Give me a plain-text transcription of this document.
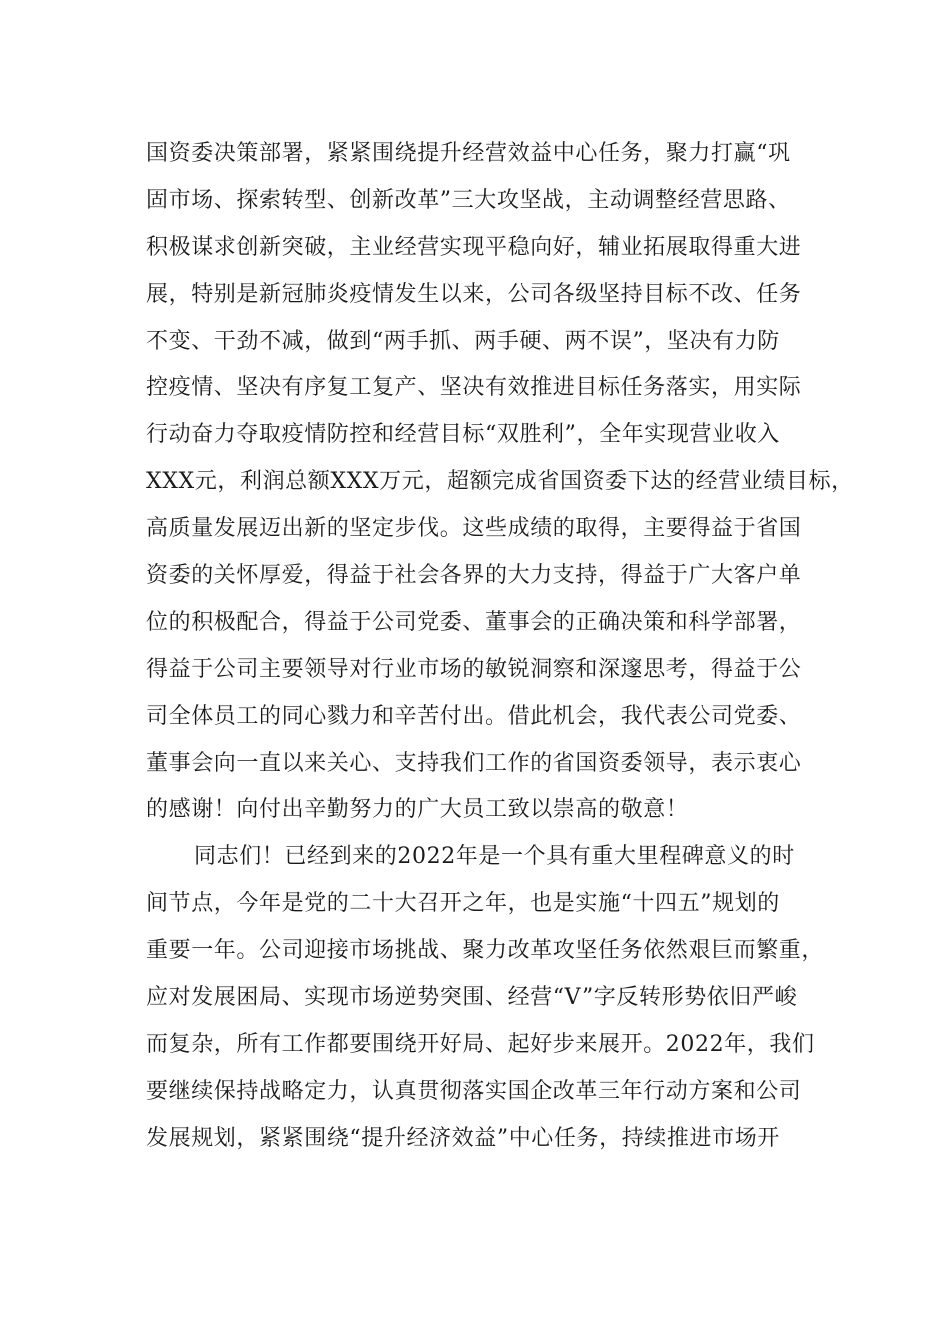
国资委决策部署，紧紧围绕提升经营效益中心任务，聚力打赢“巩
固市场、探索转型、创新改革”三大攻坚战，主动调整经营思路、
积极谋求创新突破，主业经营实现平稳向好，辅业拓展取得重大进
展，特别是新冠肺炎疫情发生以来，公司各级坚持目标不改、任务
不变、干劲不减，做到“两手抓、两手硬、两不误”，坚决有力防
控疫情、坚决有序复工复产、坚决有效推进目标任务落实，用实际
行动奋力夺取疫情防控和经营目标“双胜利”，全年实现营业收入
XXX元，利润总额XXX万元，超额完成省国资委下达的经营业绩目标，
高质量发展迈出新的坚定步伐。这些成绩的取得，主要得益于省国
资委的关怀厚爱，得益于社会各界的大力支持，得益于广大客户单
位的积极配合，得益于公司党委、董事会的正确决策和科学部署，
得益于公司主要领导对行业市场的敏锐洞察和深邃思考，得益于公
司全体员工的同心戮力和辛苦付出。借此机会，我代表公司党委、
董事会向一直以来关心、支持我们工作的省国资委领导，表示衷心
的感谢！向付出辛勤努力的广大员工致以崇高的敬意！
同志们！已经到来的2022年是一个具有重大里程碑意义的时
间节点，今年是党的二十大召开之年，也是实施“十四五”规划的
重要一年。公司迎接市场挑战、聚力改革攻坚任务依然艰巨而繁重，
应对发展困局、实现市场逆势突围、经营“V”字反转形势依旧严峻
而复杂，所有工作都要围绕开好局、起好步来展开。2022年，我们
要继续保持战略定力，认真贯彻落实国企改革三年行动方案和公司
发展规划，紧紧围绕“提升经济效益”中心任务，持续推进市场开
